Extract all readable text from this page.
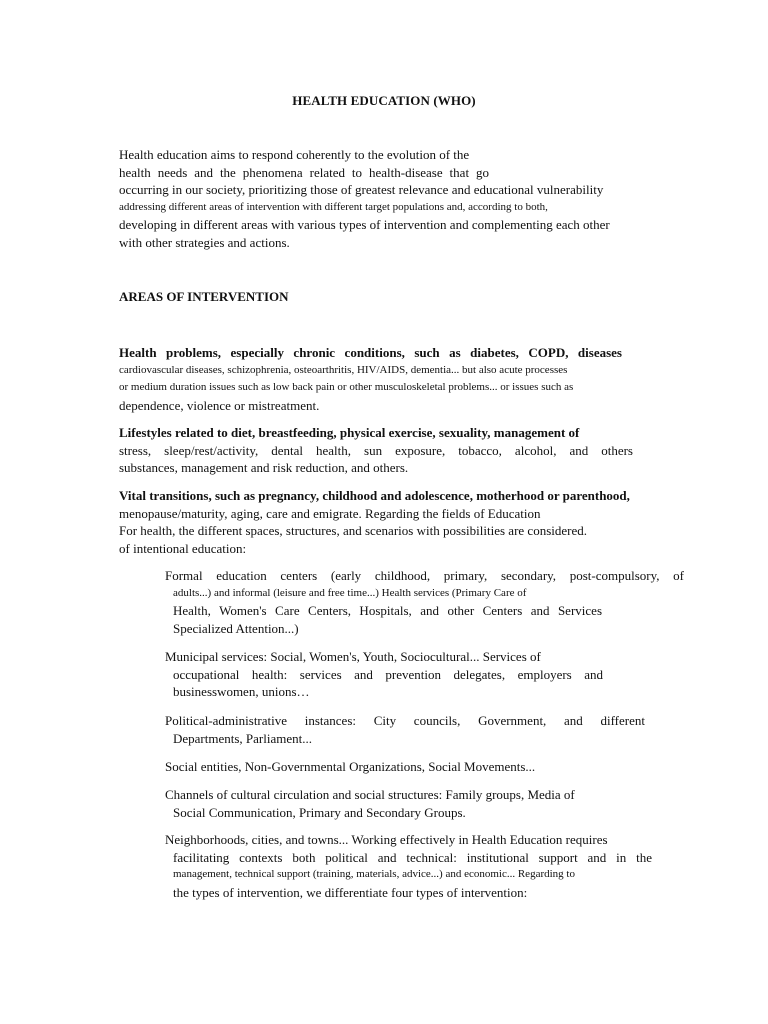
HEALTH EDUCATION (WHO)
Health education aims to respond coherently to the evolution of the
health needs and the phenomena related to health-disease that go
occurring in our society, prioritizing those of greatest relevance and educational vulnerability
addressing different areas of intervention with different target populations and, according to both,
developing in different areas with various types of intervention and complementing each other
with other strategies and actions.
AREAS OF INTERVENTION
Health problems, especially chronic conditions, such as diabetes, COPD, diseases
cardiovascular diseases, schizophrenia, osteoarthritis, HIV/AIDS, dementia... but also acute processes
or medium duration issues such as low back pain or other musculoskeletal problems... or issues such as
dependence, violence or mistreatment.
Lifestyles related to diet, breastfeeding, physical exercise, sexuality, management of
stress, sleep/rest/activity, dental health, sun exposure, tobacco, alcohol, and others
substances, management and risk reduction, and others.
Vital transitions, such as pregnancy, childhood and adolescence, motherhood or parenthood,
menopause/maturity, aging, care and emigrate. Regarding the fields of Education
For health, the different spaces, structures, and scenarios with possibilities are considered.
of intentional education:
Formal education centers (early childhood, primary, secondary, post-compulsory, of
adults...) and informal (leisure and free time...) Health services (Primary Care of
Health, Women's Care Centers, Hospitals, and other Centers and Services
Specialized Attention...)
Municipal services: Social, Women's, Youth, Sociocultural... Services of
occupational health: services and prevention delegates, employers and
businesswomen, unions…
Political-administrative instances: City councils, Government, and different
Departments, Parliament...
Social entities, Non-Governmental Organizations, Social Movements...
Channels of cultural circulation and social structures: Family groups, Media of
Social Communication, Primary and Secondary Groups.
Neighborhoods, cities, and towns... Working effectively in Health Education requires
facilitating contexts both political and technical: institutional support and in the
management, technical support (training, materials, advice...) and economic... Regarding to
the types of intervention, we differentiate four types of intervention:
